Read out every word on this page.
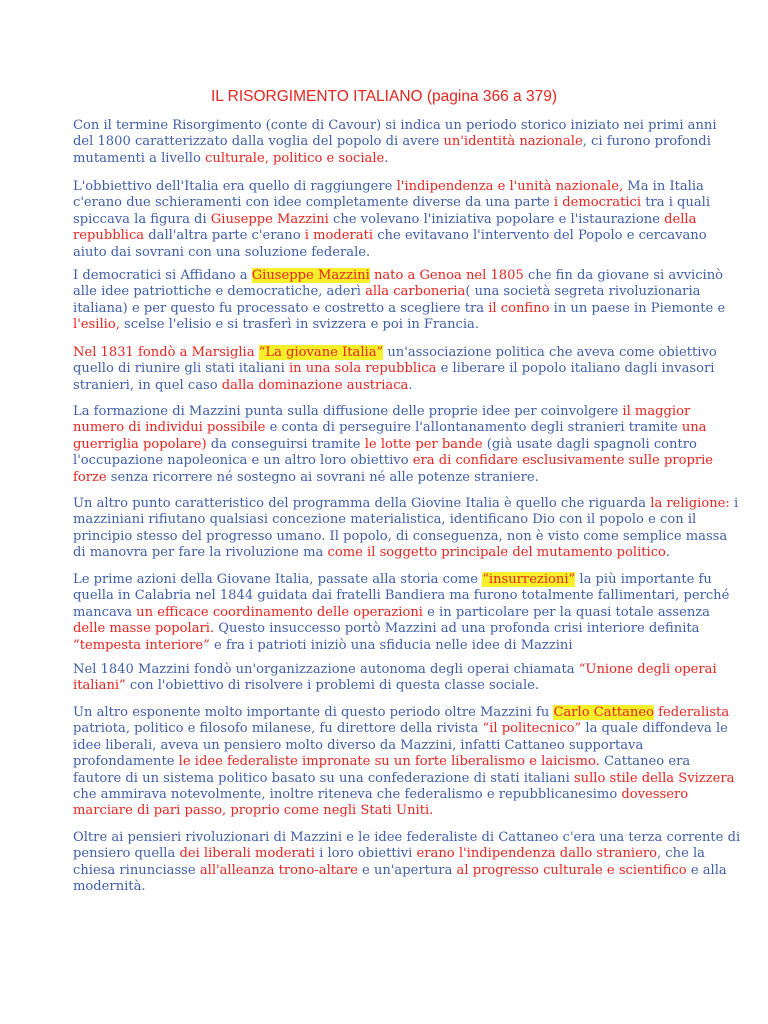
IL RISORGIMENTO ITALIANO (pagina 366 a 379)

Con il termine Risorgimento (conte di Cavour) si indica un periodo storico iniziato nei primi anni
del 1800 caratterizzato dalla voglia del popolo di avere un'identità nazionale, ci furono profondi
mutamenti a livello culturale, politico e sociale.

L'obbiettivo dell'Italia era quello di raggiungere l'indipendenza e l'unità nazionale, Ma in Italia
c'erano due schieramenti con idee completamente diverse da una parte i democratici tra i quali
spiccava la figura di Giuseppe Mazzini che volevano l'iniziativa popolare e l'istaurazione della
repubblica dall'altra parte c'erano i moderati che evitavano l'intervento del Popolo e cercavano
aiuto dai sovrani con una soluzione federale.

I democratici si Affidano a Giuseppe Mazzini nato a Genoa nel 1805 che fin da giovane si avvicinò
alle idee patriottiche e democratiche, aderì alla carboneria( una società segreta rivoluzionaria
italiana) e per questo fu processato e costretto a scegliere tra il confino in un paese in Piemonte e
l'esilio, scelse l'elisio e si trasferì in svizzera e poi in Francia.

Nel 1831 fondò a Marsiglia “La giovane Italia” un'associazione politica che aveva come obiettivo
quello di riunire gli stati italiani in una sola repubblica e liberare il popolo italiano dagli invasori
stranieri, in quel caso dalla dominazione austriaca.

La formazione di Mazzini punta sulla diffusione delle proprie idee per coinvolgere il maggior
numero di individui possibile e conta di perseguire l'allontanamento degli stranieri tramite una
guerriglia popolare) da conseguirsi tramite le lotte per bande (già usate dagli spagnoli contro
l'occupazione napoleonica e un altro loro obiettivo era di confidare esclusivamente sulle proprie
forze senza ricorrere né sostegno ai sovrani né alle potenze straniere.

Un altro punto caratteristico del programma della Giovine Italia è quello che riguarda la religione: i
mazziniani rifiutano qualsiasi concezione materialistica, identificano Dio con il popolo e con il
principio stesso del progresso umano. Il popolo, di conseguenza, non è visto come semplice massa
di manovra per fare la rivoluzione ma come il soggetto principale del mutamento politico.

Le prime azioni della Giovane Italia, passate alla storia come “insurrezioni” la più importante fu
quella in Calabria nel 1844 guidata dai fratelli Bandiera ma furono totalmente fallimentari, perché
mancava un efficace coordinamento delle operazioni e in particolare per la quasi totale assenza
delle masse popolari. Questo insuccesso portò Mazzini ad una profonda crisi interiore definita
“tempesta interiore” e fra i patrioti iniziò una sfiducia nelle idee di Mazzini

Nel 1840 Mazzini fondò un'organizzazione autonoma degli operai chiamata “Unione degli operai
italiani” con l'obiettivo di risolvere i problemi di questa classe sociale.

Un altro esponente molto importante di questo periodo oltre Mazzini fu Carlo Cattaneo federalista
patriota, politico e filosofo milanese, fu direttore della rivista “il politecnico” la quale diffondeva le
idee liberali, aveva un pensiero molto diverso da Mazzini, infatti Cattaneo supportava
profondamente le idee federaliste impronate su un forte liberalismo e laicismo. Cattaneo era
fautore di un sistema politico basato su una confederazione di stati italiani sullo stile della Svizzera
che ammirava notevolmente, inoltre riteneva che federalismo e repubblicanesimo dovessero
marciare di pari passo, proprio come negli Stati Uniti.

Oltre ai pensieri rivoluzionari di Mazzini e le idee federaliste di Cattaneo c'era una terza corrente di
pensiero quella dei liberali moderati i loro obiettivi erano l'indipendenza dallo straniero, che la
chiesa rinunciasse all'alleanza trono-altare e un'apertura al progresso culturale e scientifico e alla
modernità.
